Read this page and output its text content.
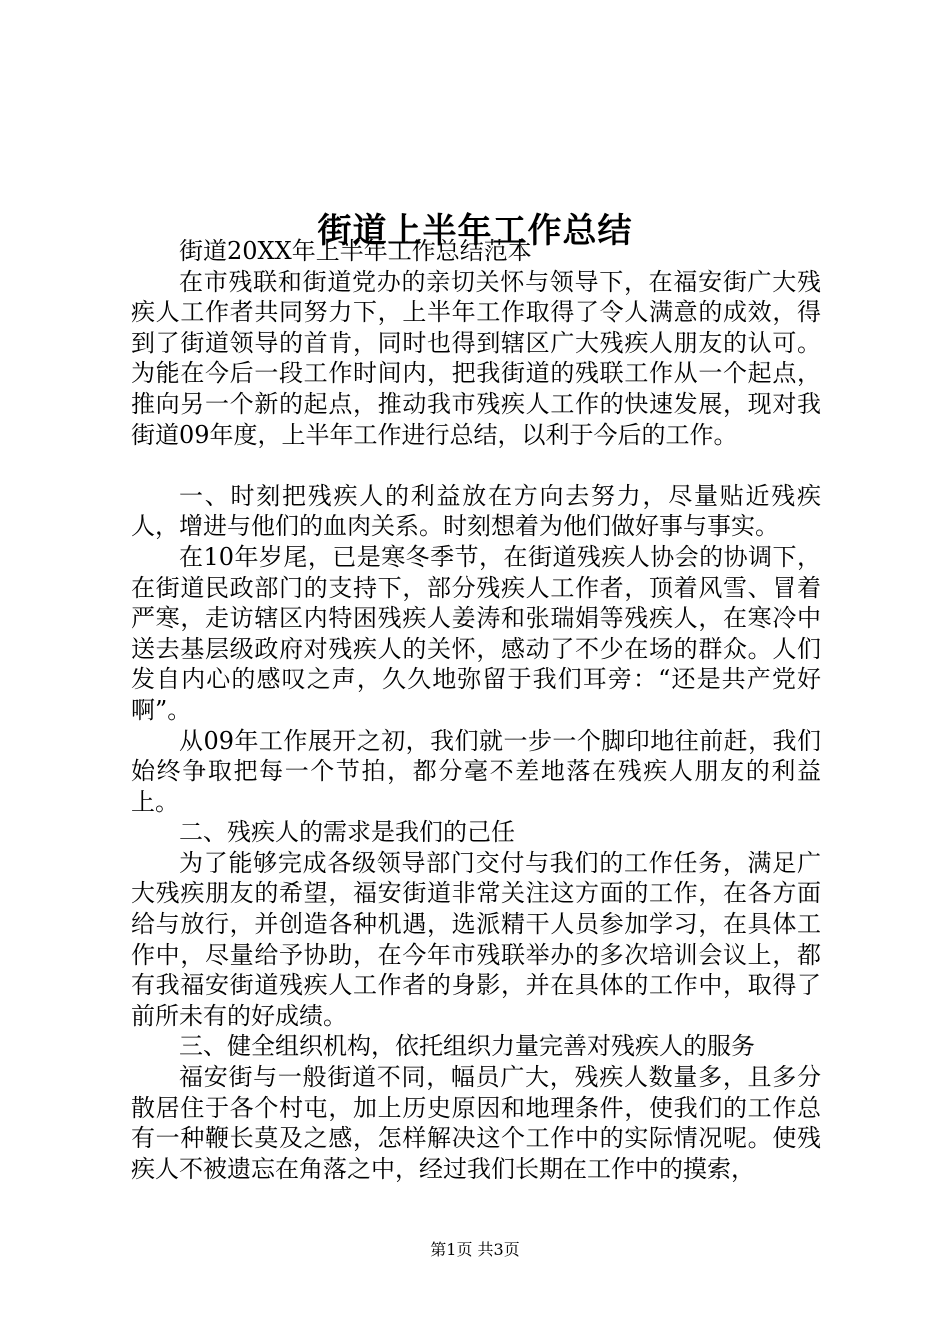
街道上半年工作总结

街道20XX年上半年工作总结范本

在市残联和街道党办的亲切关怀与领导下，在福安街广大残疾人工作者共同努力下，上半年工作取得了令人满意的成效，得到了街道领导的首肯，同时也得到辖区广大残疾人朋友的认可。为能在今后一段工作时间内，把我街道的残联工作从一个起点，推向另一个新的起点，推动我市残疾人工作的快速发展，现对我街道09年度，上半年工作进行总结，以利于今后的工作。

一、时刻把残疾人的利益放在方向去努力，尽量贴近残疾人，增进与他们的血肉关系。时刻想着为他们做好事与事实。

在10年岁尾，已是寒冬季节，在街道残疾人协会的协调下，在街道民政部门的支持下，部分残疾人工作者，顶着风雪、冒着严寒，走访辖区内特困残疾人姜涛和张瑞娟等残疾人，在寒冷中送去基层级政府对残疾人的关怀，感动了不少在场的群众。人们发自内心的感叹之声，久久地弥留于我们耳旁：“还是共产党好啊”。

从09年工作展开之初，我们就一步一个脚印地往前赶，我们始终争取把每一个节拍，都分毫不差地落在残疾人朋友的利益上。

二、残疾人的需求是我们的己任

为了能够完成各级领导部门交付与我们的工作任务，满足广大残疾朋友的希望，福安街道非常关注这方面的工作，在各方面给与放行，并创造各种机遇，选派精干人员参加学习，在具体工作中，尽量给予协助，在今年市残联举办的多次培训会议上，都有我福安街道残疾人工作者的身影，并在具体的工作中，取得了前所未有的好成绩。

三、健全组织机构，依托组织力量完善对残疾人的服务

福安街与一般街道不同，幅员广大，残疾人数量多，且多分散居住于各个村屯，加上历史原因和地理条件，使我们的工作总有一种鞭长莫及之感，怎样解决这个工作中的实际情况呢。使残疾人不被遗忘在角落之中，经过我们长期在工作中的摸索，

第1页 共3页
